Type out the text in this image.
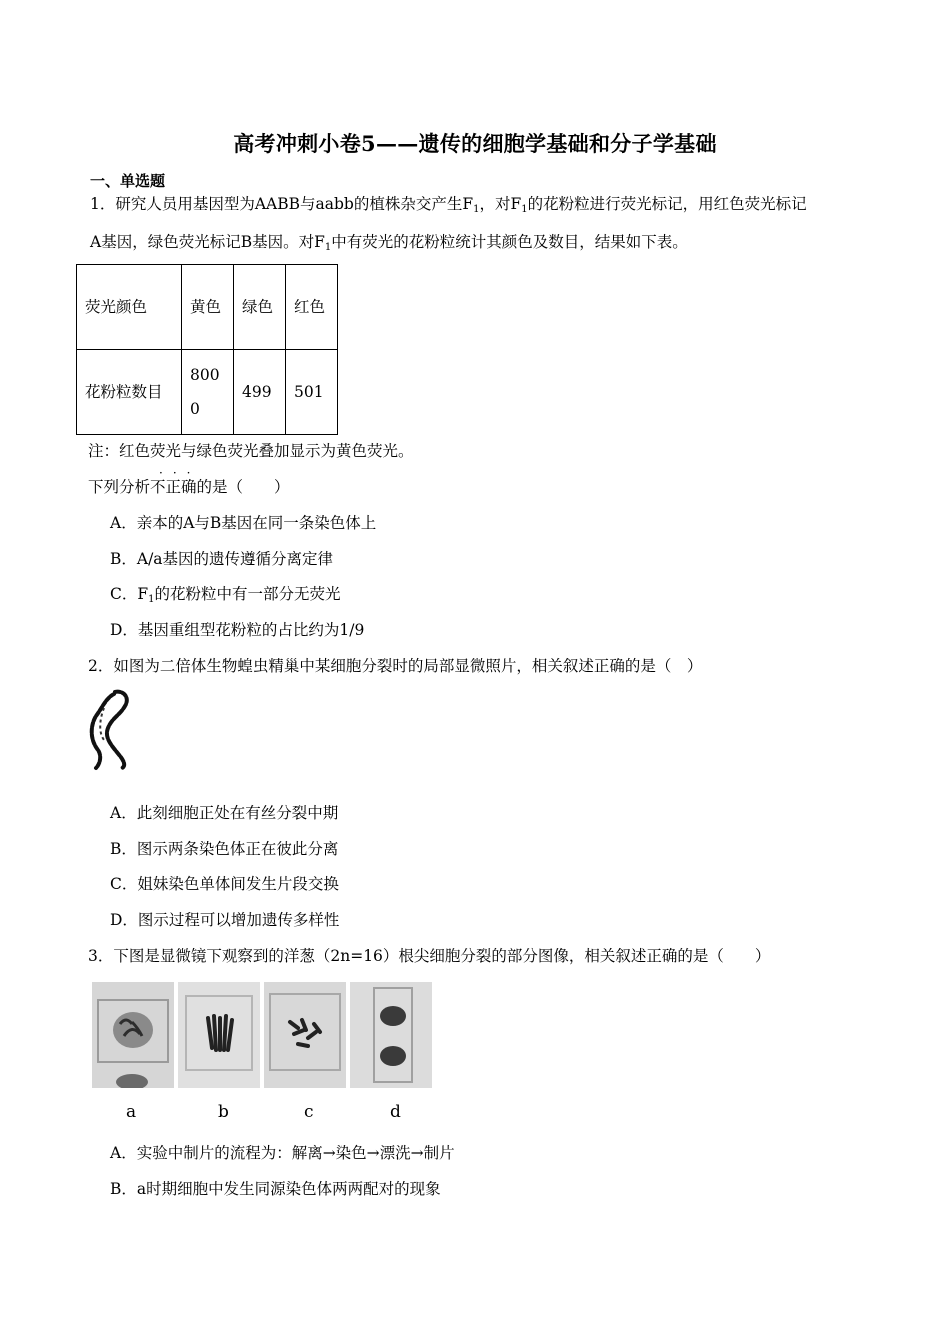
高考冲刺小卷5——遗传的细胞学基础和分子学基础
一、单选题
1．研究人员用基因型为AABB与aabb的植株杂交产生$F_1$，对$F_1$的花粉粒进行荧光标记，用红色荧光标记
A基因，绿色荧光标记B基因。对$F_1$中有荧光的花粉粒统计其颜色及数目，结果如下表。
荧光颜色	黄色	绿色	红色
花粉粒数目	8000	499	501
注：红色荧光与绿色荧光叠加显示为黄色荧光。
···
下列分析不正确的是（　　）
A．亲本的A与B基因在同一条染色体上
B．A/a基因的遗传遵循分离定律
C．$F_1$的花粉粒中有一部分无荧光
D．基因重组型花粉粒的占比约为1/9
2．如图为二倍体生物蝗虫精巢中某细胞分裂时的局部显微照片，相关叙述正确的是（　）
A．此刻细胞正处在有丝分裂中期
B．图示两条染色体正在彼此分离
C．姐妹染色单体间发生片段交换
D．图示过程可以增加遗传多样性
3．下图是显微镜下观察到的洋葱（2n=16）根尖细胞分裂的部分图像，相关叙述正确的是（　　）
a	b	c	d
A．实验中制片的流程为：解离→染色→漂洗→制片
B．a时期细胞中发生同源染色体两两配对的现象
